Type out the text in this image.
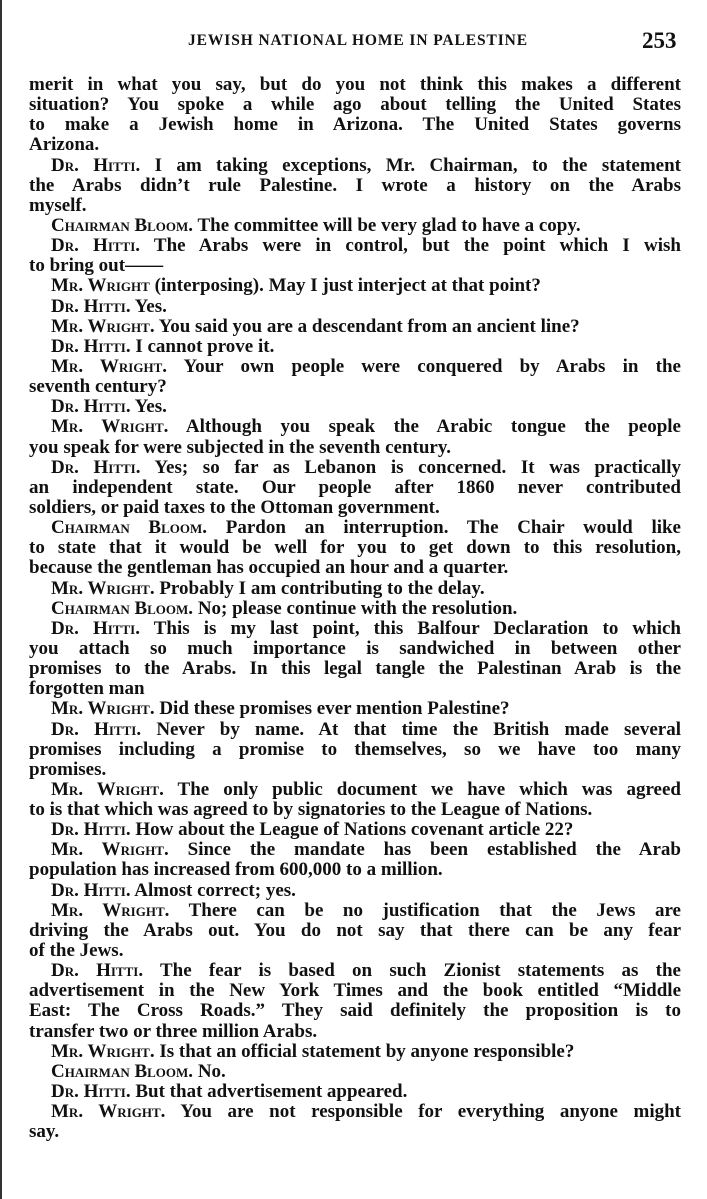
JEWISH NATIONAL HOME IN PALESTINE	253
merit in what you say, but do you not think this makes a different
situation? You spoke a while ago about telling the United States
to make a Jewish home in Arizona. The United States governs
Arizona.
Dr. Hitti. I am taking exceptions, Mr. Chairman, to the statement
the Arabs didn’t rule Palestine. I wrote a history on the Arabs
myself.
Chairman Bloom. The committee will be very glad to have a copy.
Dr. Hitti. The Arabs were in control, but the point which I wish
to bring out——
Mr. Wright (interposing). May I just interject at that point?
Dr. Hitti. Yes.
Mr. Wright. You said you are a descendant from an ancient line?
Dr. Hitti. I cannot prove it.
Mr. Wright. Your own people were conquered by Arabs in the
seventh century?
Dr. Hitti. Yes.
Mr. Wright. Although you speak the Arabic tongue the people
you speak for were subjected in the seventh century.
Dr. Hitti. Yes; so far as Lebanon is concerned. It was practically
an independent state. Our people after 1860 never contributed
soldiers, or paid taxes to the Ottoman government.
Chairman Bloom. Pardon an interruption. The Chair would like
to state that it would be well for you to get down to this resolution,
because the gentleman has occupied an hour and a quarter.
Mr. Wright. Probably I am contributing to the delay.
Chairman Bloom. No; please continue with the resolution.
Dr. Hitti. This is my last point, this Balfour Declaration to which
you attach so much importance is sandwiched in between other
promises to the Arabs. In this legal tangle the Palestinan Arab is the
forgotten man
Mr. Wright. Did these promises ever mention Palestine?
Dr. Hitti. Never by name. At that time the British made several
promises including a promise to themselves, so we have too many
promises.
Mr. Wright. The only public document we have which was agreed
to is that which was agreed to by signatories to the League of Nations.
Dr. Hitti. How about the League of Nations covenant article 22?
Mr. Wright. Since the mandate has been established the Arab
population has increased from 600,000 to a million.
Dr. Hitti. Almost correct; yes.
Mr. Wright. There can be no justification that the Jews are
driving the Arabs out. You do not say that there can be any fear
of the Jews.
Dr. Hitti. The fear is based on such Zionist statements as the
advertisement in the New York Times and the book entitled “Middle
East: The Cross Roads.” They said definitely the proposition is to
transfer two or three million Arabs.
Mr. Wright. Is that an official statement by anyone responsible?
Chairman Bloom. No.
Dr. Hitti. But that advertisement appeared.
Mr. Wright. You are not responsible for everything anyone might
say.
